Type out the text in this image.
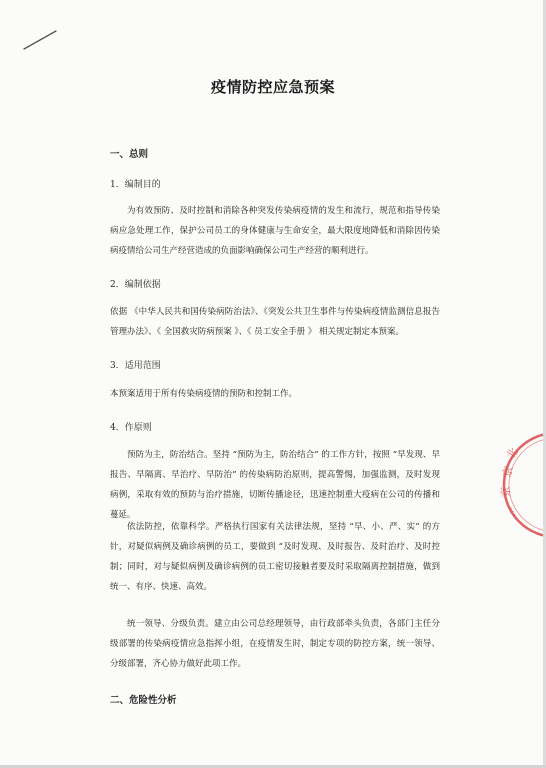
疫情防控应急预案
一、总则
1．编制目的
为有效预防、及时控制和消除各种突发传染病疫情的发生和流行，规范和指导传染病应急处理工作，保护公司员工的身体健康与生命安全，最大限度地降低和消除因传染病疫情给公司生产经营造成的负面影响确保公司生产经营的顺利进行。
2．编制依据
依据 《中华人民共和国传染病防治法》、《突发公共卫生事件与传染病疫情监测信息报告管理办法》、《 全国救灾防病预案 》、《 员工安全手册 》 相关规定制定本预案。
3．适用范围
本预案适用于所有传染病疫情的预防和控制工作。
4．作原则
预防为主，防治结合。坚持 “预防为主，防治结合” 的工作方针，按照 “早发现、早报告、早隔离、早治疗、早防治” 的传染病防治原则，提高警惕，加强监测，及时发现病例，采取有效的预防与治疗措施，切断传播途径，迅速控制重大疫病在公司的传播和蔓延。
依法防控，依靠科学。严格执行国家有关法律法规，坚持 “早、小、严、实” 的方针，对疑似病例及确诊病例的员工，要做到 “及时发现、及时报告、及时治疗、及时控制；同时，对与疑似病例及确诊病例的员工密切接触者要及时采取隔离控制措施，做到统一、有序、快速、高效。
统一领导、分级负责。建立由公司总经理领导，由行政部牵头负责，各部门主任分级部署的传染病疫情应急指挥小组，在疫情发生时，制定专项的防控方案，统一领导、分级部署，齐心协力做好此项工作。
二、危险性分析
北
京
京
…
